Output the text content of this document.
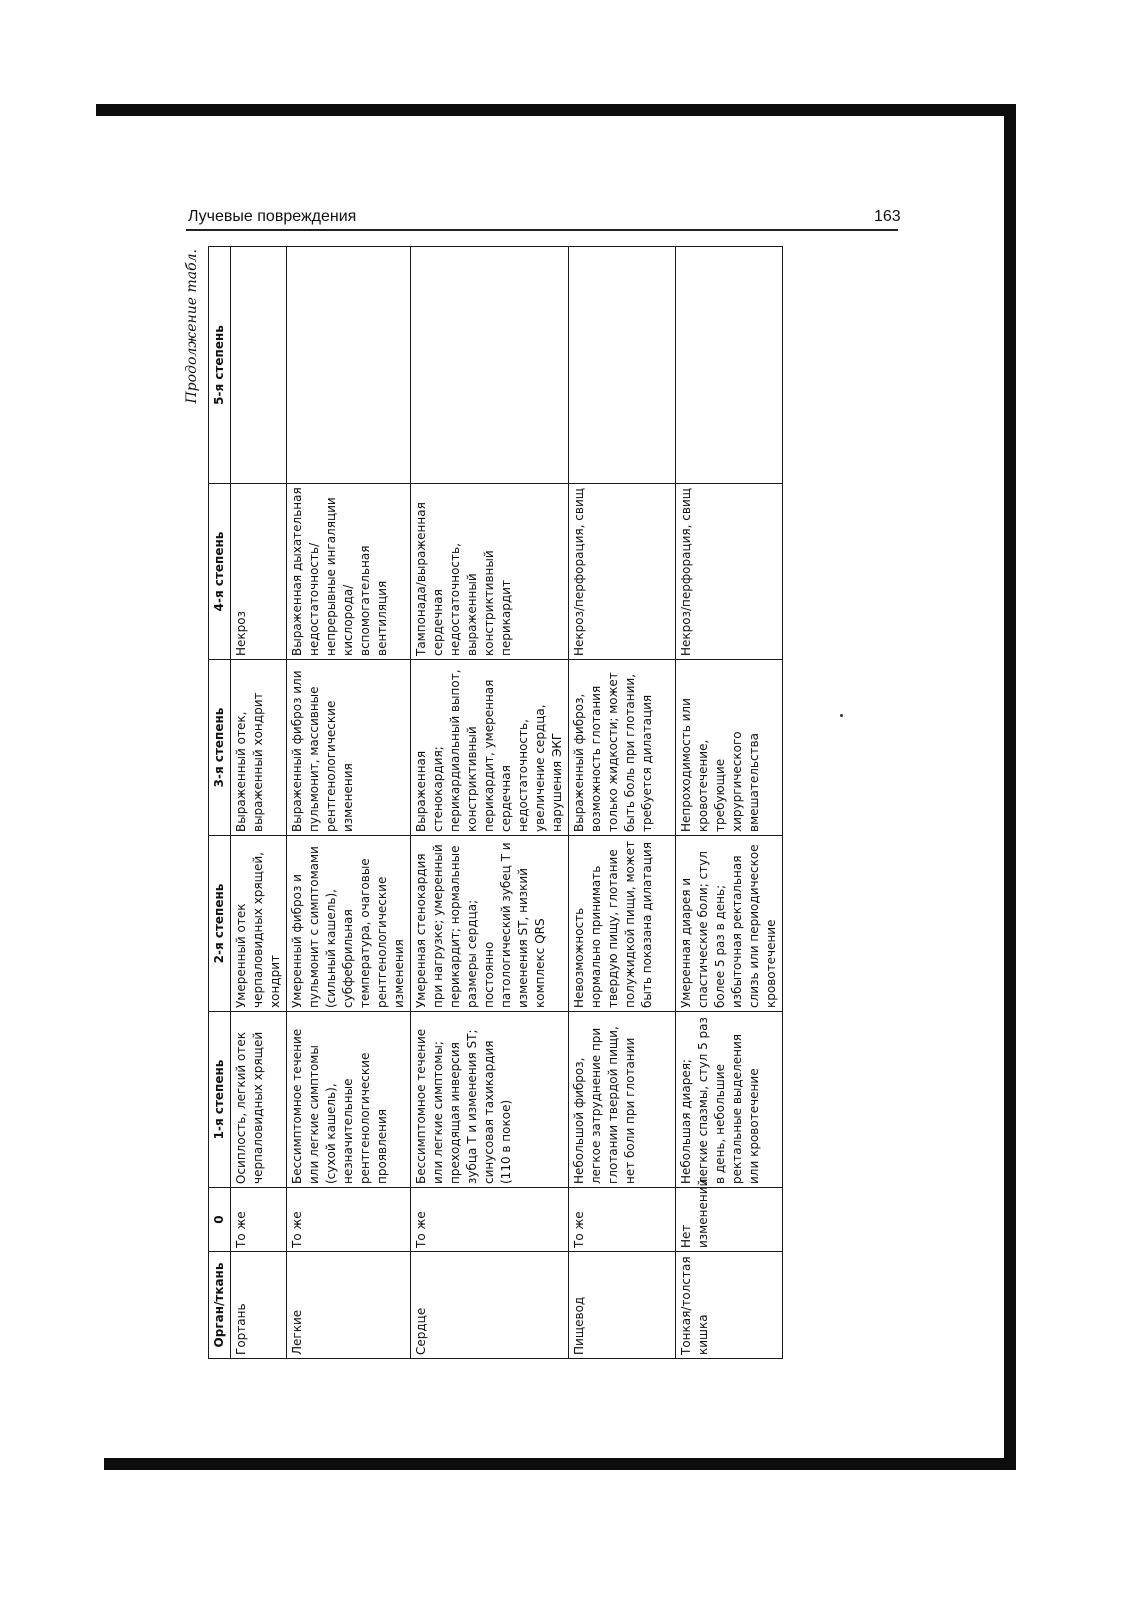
Лучевые повреждения	163
Продолжение табл.
Орган/ткань	0	1-я степень	2-я степень	3-я степень	4-я степень	5-я степень
Гортань	То же	Осиплость, легкий отек черпаловидных хрящей	Умеренный отек черпаловидных хрящей, хондрит	Выраженный отек, выраженный хондрит	Некроз	
Легкие	То же	Бессимптомное течение или легкие симптомы (сухой кашель), незначительные рентгенологические проявления	Умеренный фиброз и пульмонит с симптомами (сильный кашель), субфебрильная температура, очаговые рентгенологические изменения	Выраженный фиброз или пульмонит, массивные рентгенологические изменения	Выраженная дыхательная недостаточность/непрерывные ингаляции кислорода/вспомогательная вентиляция	
Сердце	То же	Бессимптомное течение или легкие симптомы; преходящая инверсия зубца T и изменения ST; синусовая тахикардия (110 в покое)	Умеренная стенокардия при нагрузке; умеренный перикардит; нормальные размеры сердца; постоянно патологический зубец T и изменения ST, низкий комплекс QRS	Выраженная стенокардия; перикардиальный выпот, констриктивный перикардит, умеренная сердечная недостаточность, увеличение сердца, нарушения ЭКГ	Тампонада/выраженная сердечная недостаточность, выраженный констриктивный перикардит	
Пищевод	То же	Небольшой фиброз, легкое затруднение при глотании твердой пищи, нет боли при глотании	Невозможность нормально принимать твердую пищу, глотание полужидкой пищи, может быть показана дилатация	Выраженный фиброз, возможность глотания только жидкости; может быть боль при глотании, требуется дилатация	Некроз/перфорация, свищ	
Тонкая/толстая кишка	Нет изменений	Небольшая диарея; легкие спазмы, стул 5 раз в день, небольшие ректальные выделения или кровотечение	Умеренная диарея и спастические боли; стул более 5 раз в день; избыточная ректальная слизь или периодическое кровотечение	Непроходимость или кровотечение, требующие хирургического вмешательства	Некроз/перфорация, свищ	
